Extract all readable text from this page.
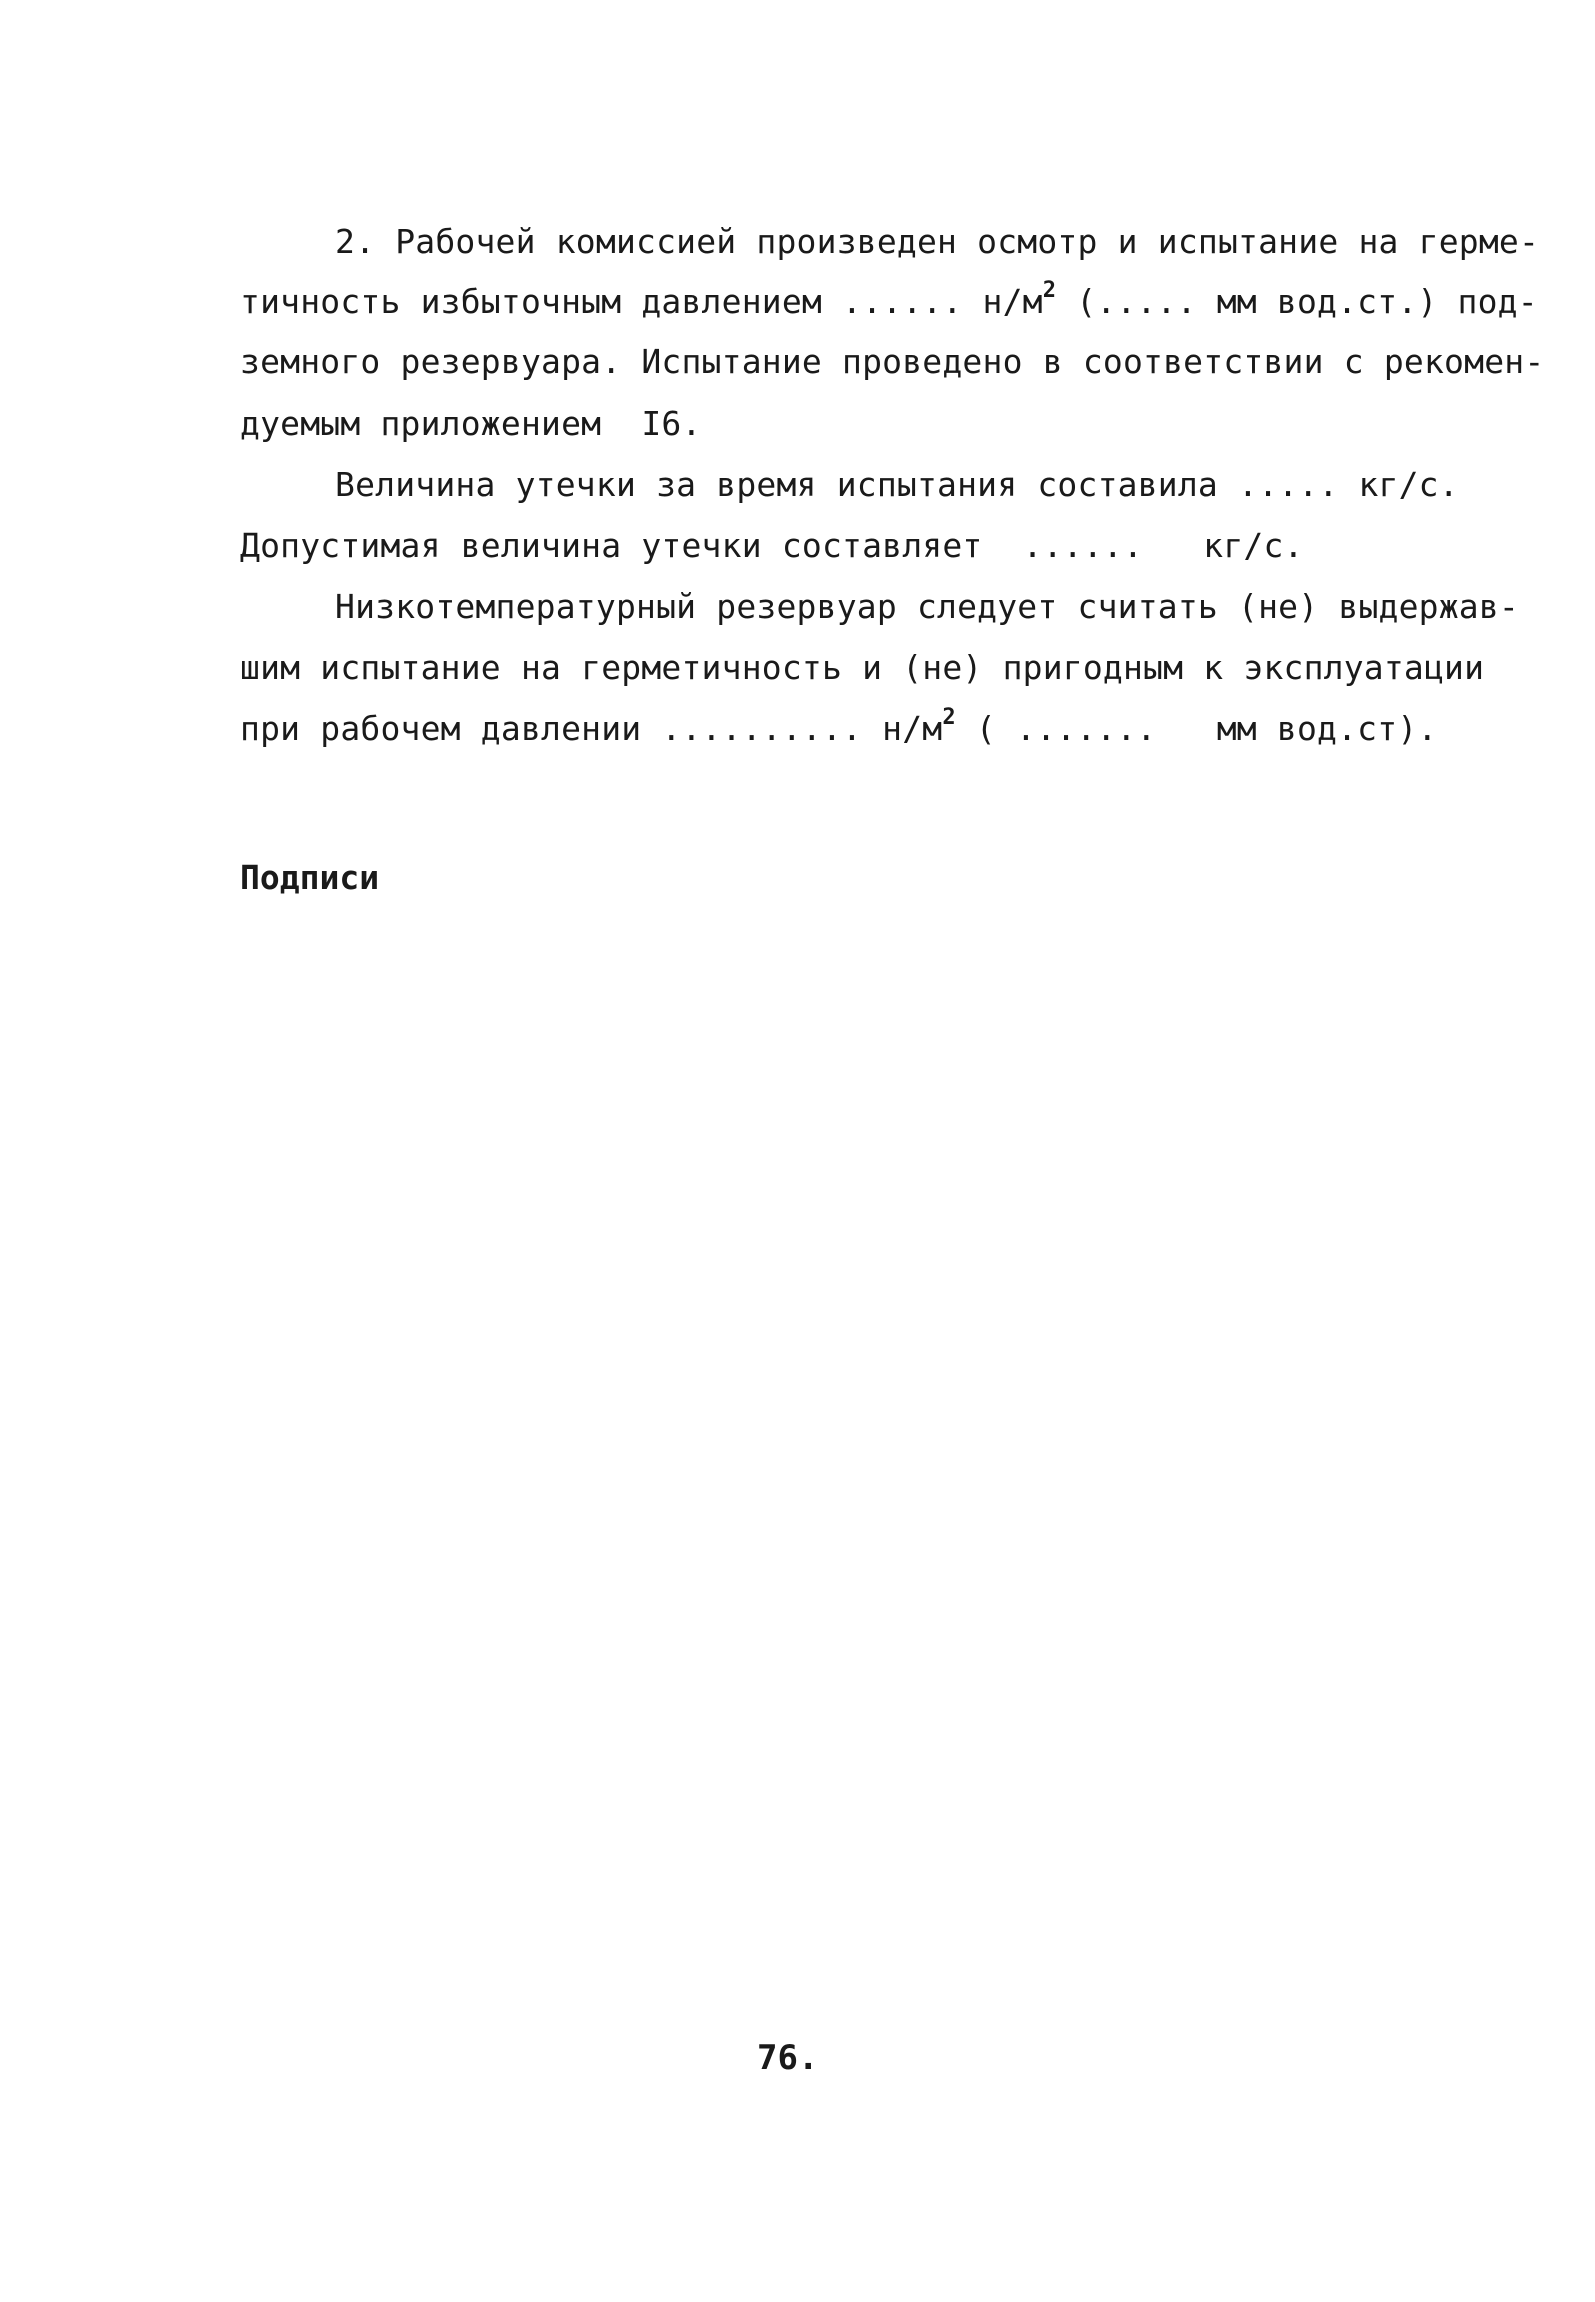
2. Рабочей комиссией произведен осмотр и испытание на герме-
тичность избыточным давлением ...... $н/м^2$ (..... мм вод.ст.) под-
земного резервуара. Испытание проведено в соответствии с рекомен-
дуемым приложением  I6.
Величина утечки за время испытания составила ..... кг/с.
Допустимая величина утечки составляет  ......   кг/с.
Низкотемпературный резервуар следует считать (не) выдержав-
шим испытание на герметичность и (не) пригодным к эксплуатации
при рабочем давлении .......... $н/м^2$ ( .......   мм вод.ст).
Подписи
76.
